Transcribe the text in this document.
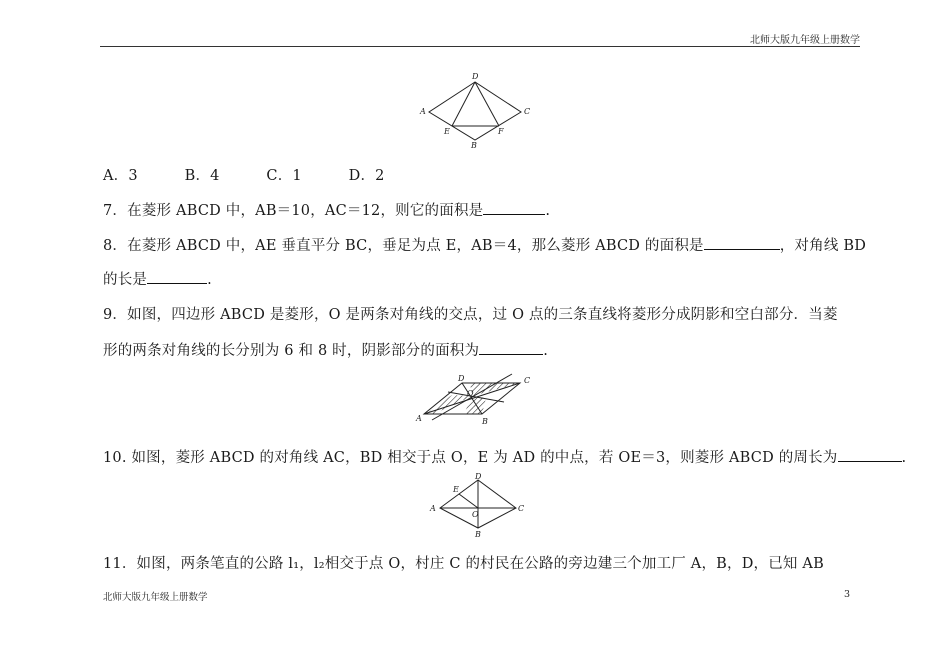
北师大版九年级上册数学
D
A	C
E	F
B
A．3	B．4	C．1	D．2
7．在菱形 ABCD 中，AB＝10，AC＝12，则它的面积是	.
8．在菱形 ABCD 中，AE 垂直平分 BC，垂足为点 E，AB＝4，那么菱形 ABCD 的面积是	，对角线 BD
的长是	.
9．如图，四边形 ABCD 是菱形，O 是两条对角线的交点，过 O 点的三条直线将菱形分成阴影和空白部分．当菱
形的两条对角线的长分别为 6 和 8 时，阴影部分的面积为	.
D	C
O
A	B
10. 如图，菱形 ABCD 的对角线 AC，BD 相交于点 O，E 为 AD 的中点，若 OE＝3，则菱形 ABCD 的周长为	.
D
E
A
O
C
B
11．如图，两条笔直的公路 l₁，l₂相交于点 O，村庄 C 的村民在公路的旁边建三个加工厂 A，B，D，已知 AB
北师大版九年级上册数学	3
